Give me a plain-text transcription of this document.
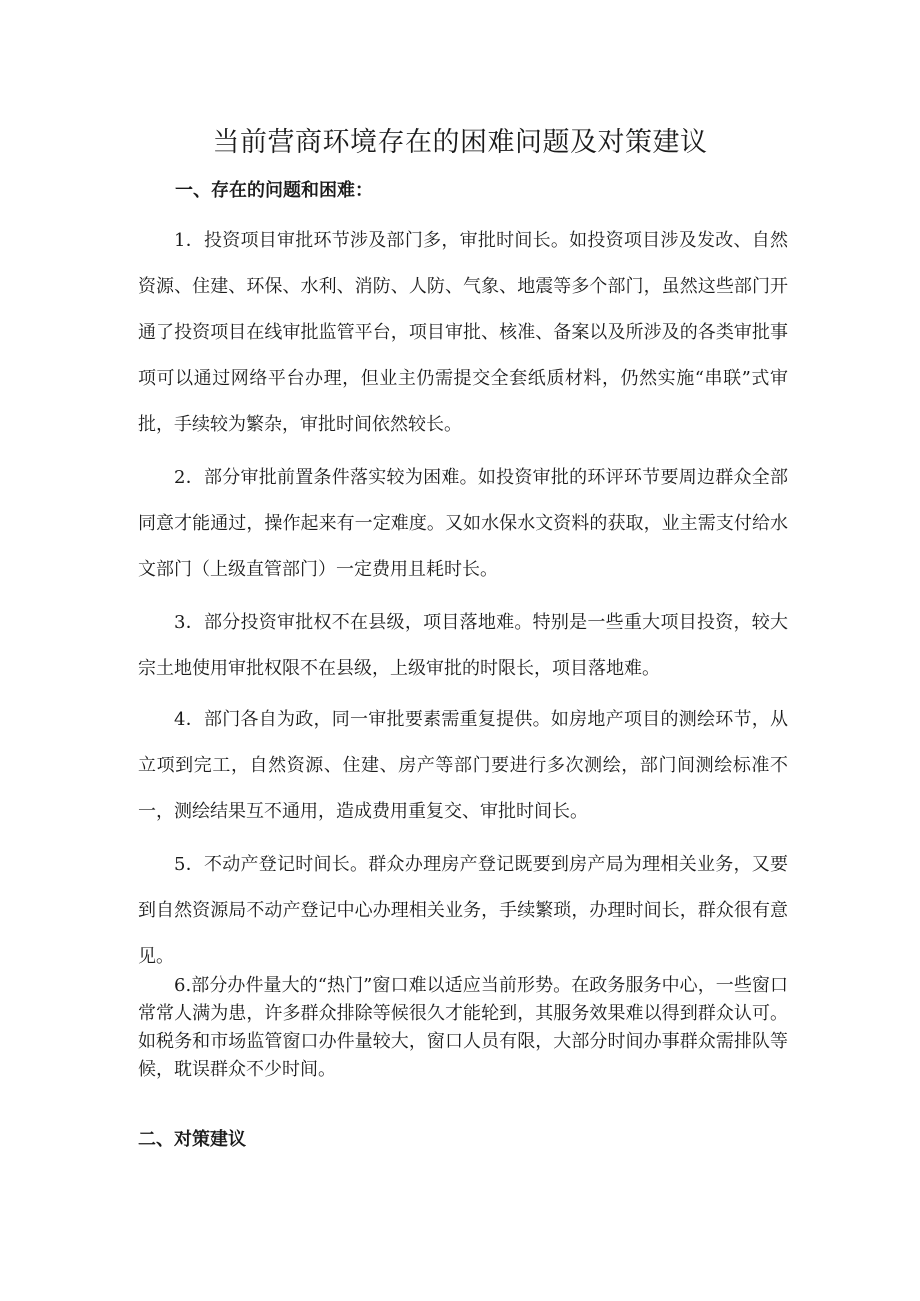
当前营商环境存在的困难问题及对策建议
一、存在的问题和困难：

1．投资项目审批环节涉及部门多，审批时间长。如投资项目涉及发改、自然资源、住建、环保、水利、消防、人防、气象、地震等多个部门，虽然这些部门开通了投资项目在线审批监管平台，项目审批、核准、备案以及所涉及的各类审批事项可以通过网络平台办理，但业主仍需提交全套纸质材料，仍然实施“串联”式审批，手续较为繁杂，审批时间依然较长。

2．部分审批前置条件落实较为困难。如投资审批的环评环节要周边群众全部同意才能通过，操作起来有一定难度。又如水保水文资料的获取，业主需支付给水文部门（上级直管部门）一定费用且耗时长。

3．部分投资审批权不在县级，项目落地难。特别是一些重大项目投资，较大宗土地使用审批权限不在县级，上级审批的时限长，项目落地难。

4．部门各自为政，同一审批要素需重复提供。如房地产项目的测绘环节，从立项到完工，自然资源、住建、房产等部门要进行多次测绘，部门间测绘标准不一，测绘结果互不通用，造成费用重复交、审批时间长。

5．不动产登记时间长。群众办理房产登记既要到房产局为理相关业务，又要到自然资源局不动产登记中心办理相关业务，手续繁琐，办理时间长，群众很有意见。

6.部分办件量大的“热门”窗口难以适应当前形势。在政务服务中心，一些窗口常常人满为患，许多群众排除等候很久才能轮到，其服务效果难以得到群众认可。如税务和市场监管窗口办件量较大，窗口人员有限，大部分时间办事群众需排队等候，耽误群众不少时间。

二、对策建议
